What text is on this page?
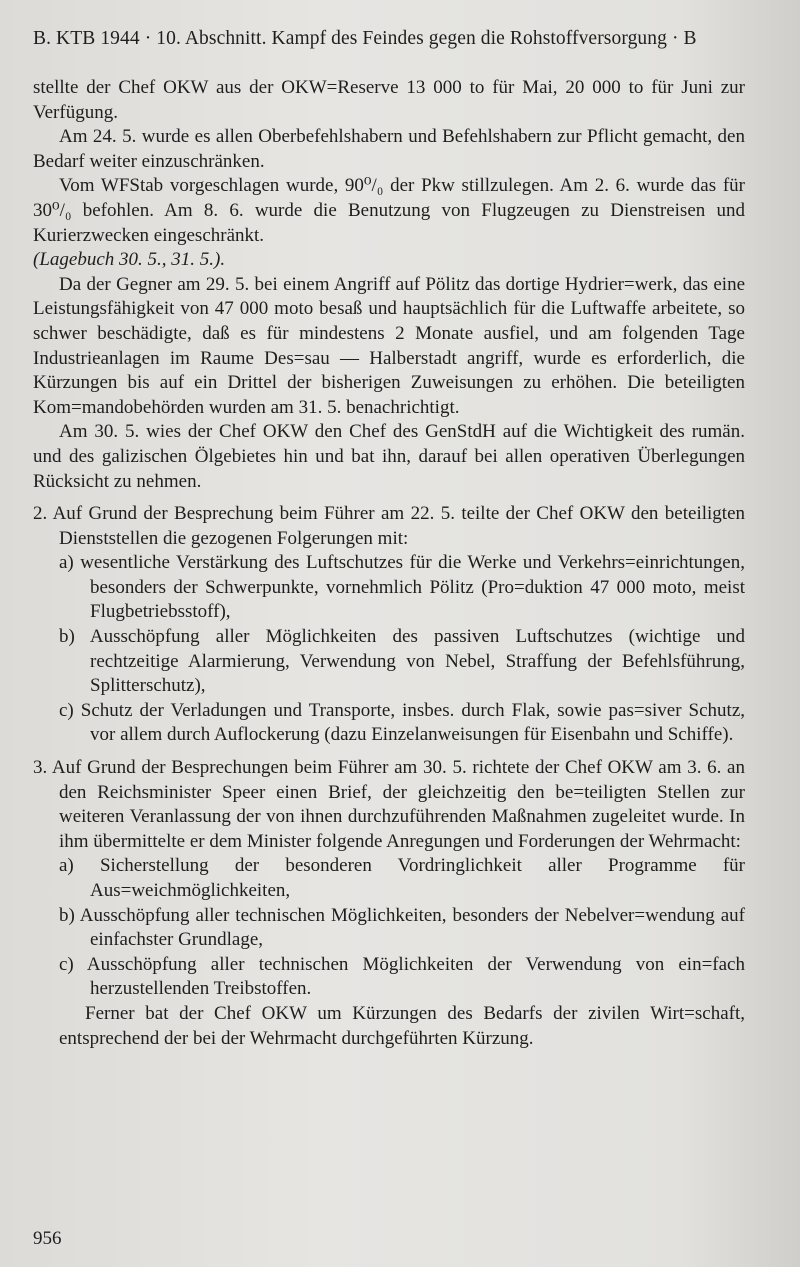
B. KTB 1944 · 10. Abschnitt. Kampf des Feindes gegen die Rohstoffversorgung · B

stellte der Chef OKW aus der OKW=Reserve 13 000 to für Mai, 20 000 to für Juni zur Verfügung.

Am 24. 5. wurde es allen Oberbefehlshabern und Befehlshabern zur Pflicht gemacht, den Bedarf weiter einzuschränken.

Vom WFStab vorgeschlagen wurde, 90⁰/₀ der Pkw stillzulegen. Am 2. 6. wurde das für 30⁰/₀ befohlen. Am 8. 6. wurde die Benutzung von Flugzeugen zu Dienstreisen und Kurierzwecken eingeschränkt.

(Lagebuch 30. 5., 31. 5.).

Da der Gegner am 29. 5. bei einem Angriff auf Pölitz das dortige Hydrier=werk, das eine Leistungsfähigkeit von 47 000 moto besaß und hauptsächlich für die Luftwaffe arbeitete, so schwer beschädigte, daß es für mindestens 2 Monate ausfiel, und am folgenden Tage Industrieanlagen im Raume Des=sau — Halberstadt angriff, wurde es erforderlich, die Kürzungen bis auf ein Drittel der bisherigen Zuweisungen zu erhöhen. Die beteiligten Kom=mandobehörden wurden am 31. 5. benachrichtigt.

Am 30. 5. wies der Chef OKW den Chef des GenStdH auf die Wichtigkeit des rumän. und des galizischen Ölgebietes hin und bat ihn, darauf bei allen operativen Überlegungen Rücksicht zu nehmen.

2. Auf Grund der Besprechung beim Führer am 22. 5. teilte der Chef OKW den beteiligten Dienststellen die gezogenen Folgerungen mit:

a) wesentliche Verstärkung des Luftschutzes für die Werke und Verkehrs=einrichtungen, besonders der Schwerpunkte, vornehmlich Pölitz (Pro=duktion 47 000 moto, meist Flugbetriebsstoff),

b) Ausschöpfung aller Möglichkeiten des passiven Luftschutzes (wichtige und rechtzeitige Alarmierung, Verwendung von Nebel, Straffung der Befehlsführung, Splitterschutz),

c) Schutz der Verladungen und Transporte, insbes. durch Flak, sowie pas=siver Schutz, vor allem durch Auflockerung (dazu Einzelanweisungen für Eisenbahn und Schiffe).

3. Auf Grund der Besprechungen beim Führer am 30. 5. richtete der Chef OKW am 3. 6. an den Reichsminister Speer einen Brief, der gleichzeitig den be=teiligten Stellen zur weiteren Veranlassung der von ihnen durchzuführenden Maßnahmen zugeleitet wurde. In ihm übermittelte er dem Minister folgende Anregungen und Forderungen der Wehrmacht:

a) Sicherstellung der besonderen Vordringlichkeit aller Programme für Aus=weichmöglichkeiten,

b) Ausschöpfung aller technischen Möglichkeiten, besonders der Nebelver=wendung auf einfachster Grundlage,

c) Ausschöpfung aller technischen Möglichkeiten der Verwendung von ein=fach herzustellenden Treibstoffen.

Ferner bat der Chef OKW um Kürzungen des Bedarfs der zivilen Wirt=schaft, entsprechend der bei der Wehrmacht durchgeführten Kürzung.

956
